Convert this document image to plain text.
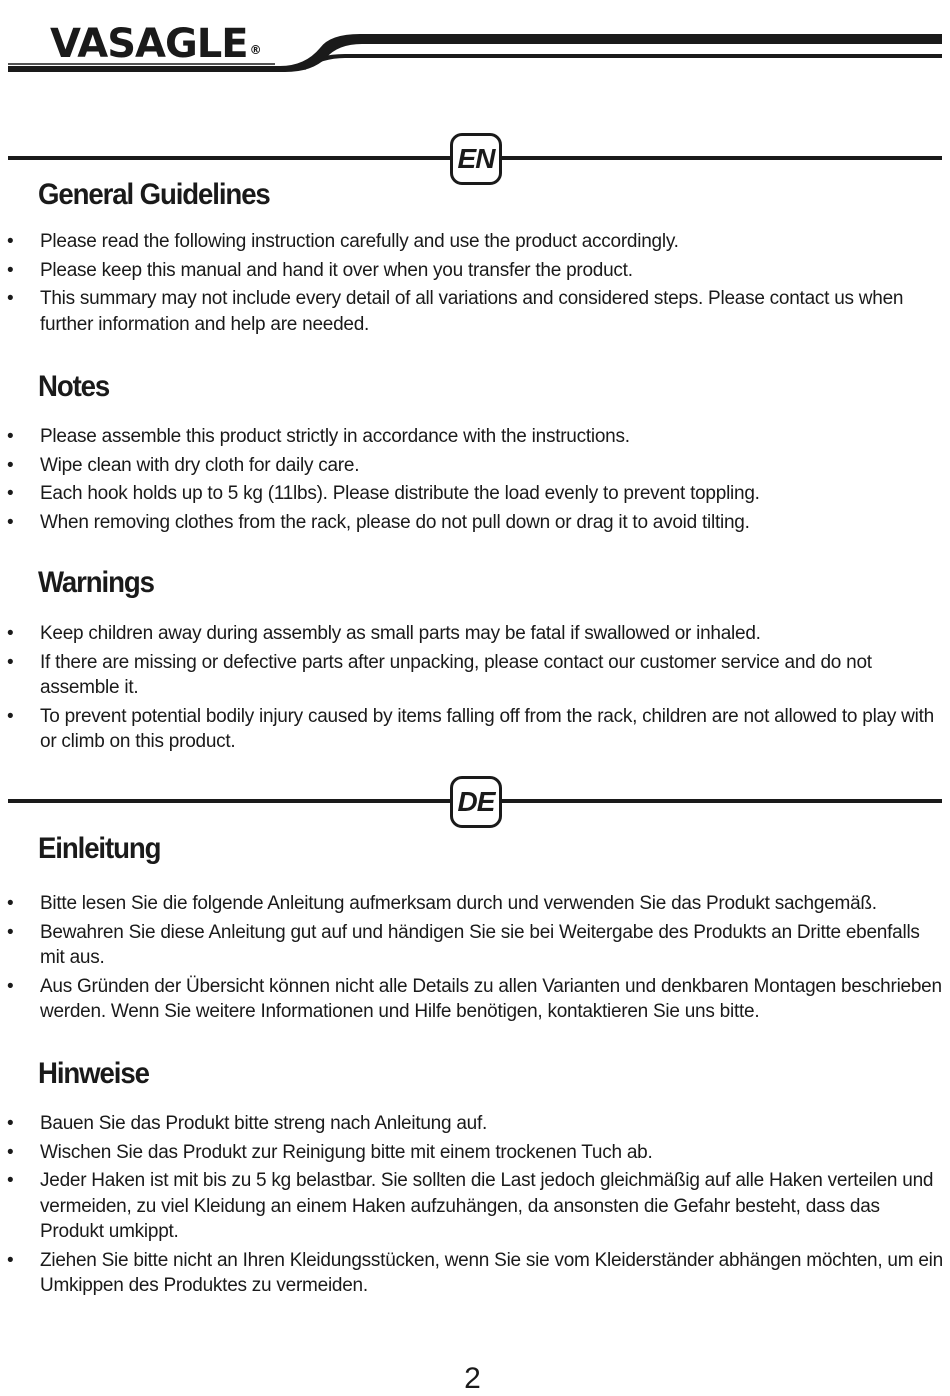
VASAGLE ®
EN
General Guidelines
• Please read the following instruction carefully and use the product accordingly.
• Please keep this manual and hand it over when you transfer the product.
• This summary may not include every detail of all variations and considered steps. Please contact us when further information and help are needed.
Notes
• Please assemble this product strictly in accordance with the instructions.
• Wipe clean with dry cloth for daily care.
• Each hook holds up to 5 kg (11lbs). Please distribute the load evenly to prevent toppling.
• When removing clothes from the rack, please do not pull down or drag it to avoid tilting.
Warnings
• Keep children away during assembly as small parts may be fatal if swallowed or inhaled.
• If there are missing or defective parts after unpacking, please contact our customer service and do not assemble it.
• To prevent potential bodily injury caused by items falling off from the rack, children are not allowed to play with or climb on this product.
DE
Einleitung
• Bitte lesen Sie die folgende Anleitung aufmerksam durch und verwenden Sie das Produkt sachgemäß.
• Bewahren Sie diese Anleitung gut auf und händigen Sie sie bei Weitergabe des Produkts an Dritte ebenfalls mit aus.
• Aus Gründen der Übersicht können nicht alle Details zu allen Varianten und denkbaren Montagen beschrieben werden. Wenn Sie weitere Informationen und Hilfe benötigen, kontaktieren Sie uns bitte.
Hinweise
• Bauen Sie das Produkt bitte streng nach Anleitung auf.
• Wischen Sie das Produkt zur Reinigung bitte mit einem trockenen Tuch ab.
• Jeder Haken ist mit bis zu 5 kg belastbar. Sie sollten die Last jedoch gleichmäßig auf alle Haken verteilen und vermeiden, zu viel Kleidung an einem Haken aufzuhängen, da ansonsten die Gefahr besteht, dass das Produkt umkippt.
• Ziehen Sie bitte nicht an Ihren Kleidungsstücken, wenn Sie sie vom Kleiderständer abhängen möchten, um ein Umkippen des Produktes zu vermeiden.
2
